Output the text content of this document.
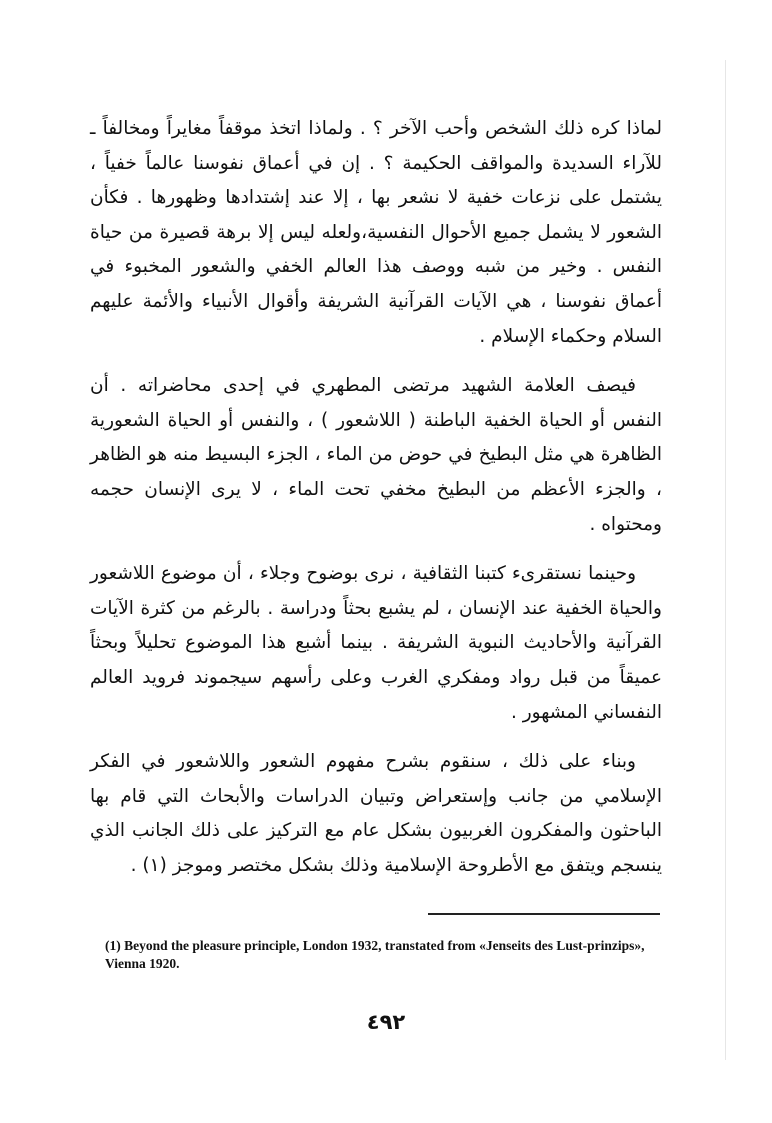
لماذا كره ذلك الشخص وأحب الآخر ؟ . ولماذا اتخذ موقفاً مغايراً ومخالفاً ـ للآراء السديدة والمواقف الحكيمة ؟ . إن في أعماق نفوسنا عالماً خفياً ، يشتمل على نزعات خفية لا نشعر بها ، إلا عند إشتدادها وظهورها . فكأن الشعور لا يشمل جميع الأحوال النفسية،ولعله ليس إلا برهة قصيرة من حياة النفس . وخير من شبه ووصف هذا العالم الخفي والشعور المخبوء في أعماق نفوسنا ، هي الآيات القرآنية الشريفة وأقوال الأنبياء والأئمة عليهم السلام وحكماء الإسلام .

فيصف العلامة الشهيد مرتضى المطهري في إحدى محاضراته . أن النفس أو الحياة الخفية الباطنة ( اللاشعور ) ، والنفس أو الحياة الشعورية الظاهرة هي مثل البطيخ في حوض من الماء ، الجزء البسيط منه هو الظاهر ، والجزء الأعظم من البطيخ مخفي تحت الماء ، لا يرى الإنسان حجمه ومحتواه .

وحينما نستقرىء كتبنا الثقافية ، نرى بوضوح وجلاء ، أن موضوع اللاشعور والحياة الخفية عند الإنسان ، لم يشبع بحثاً ودراسة . بالرغم من كثرة الآيات القرآنية والأحاديث النبوية الشريفة . بينما أشبع هذا الموضوع تحليلاً وبحثاً عميقاً من قبل رواد ومفكري الغرب وعلى رأسهم سيجموند فرويد العالم النفساني المشهور .

وبناء على ذلك ، سنقوم بشرح مفهوم الشعور واللاشعور في الفكر الإسلامي من جانب وإستعراض وتبيان الدراسات والأبحاث التي قام بها الباحثون والمفكرون الغربيون بشكل عام مع التركيز على ذلك الجانب الذي ينسجم ويتفق مع الأطروحة الإسلامية وذلك بشكل مختصر وموجز (١) .

(1) Beyond the pleasure principle, London 1932, transtated from «Jenseits des Lust-prinzips», Vienna 1920.
٤٩٢
